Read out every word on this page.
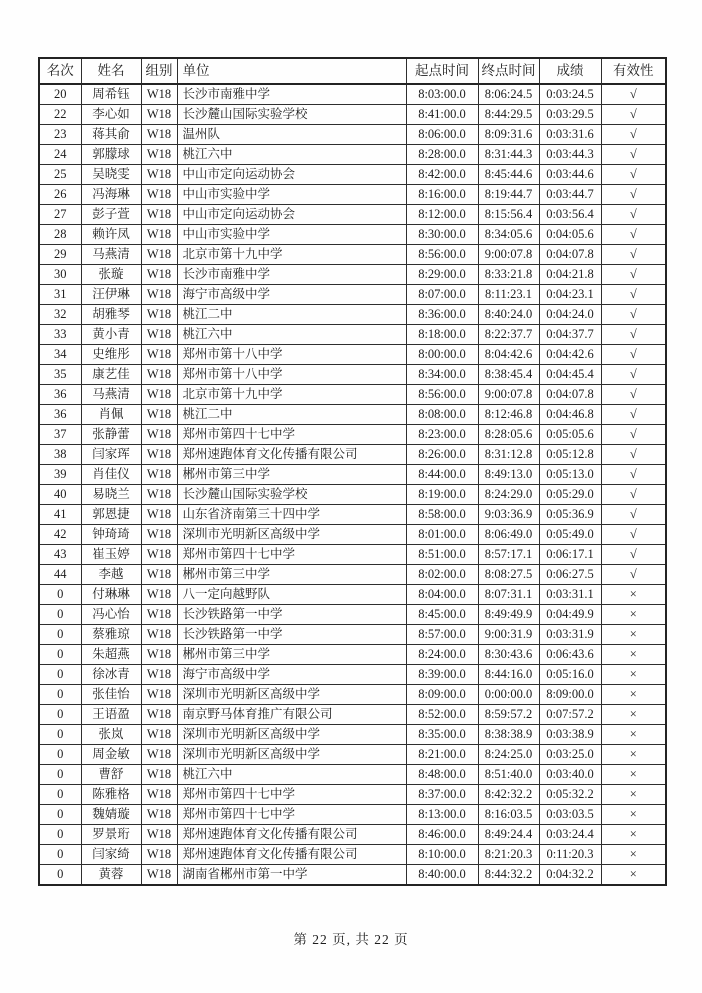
名次	姓名	组别	单位	起点时间	终点时间	成绩	有效性
20	周希钰	W18	长沙市南雅中学	8:03:00.0	8:06:24.5	0:03:24.5	√
22	李心如	W18	长沙麓山国际实验学校	8:41:00.0	8:44:29.5	0:03:29.5	√
23	蒋其俞	W18	温州队	8:06:00.0	8:09:31.6	0:03:31.6	√
24	郭朦球	W18	桃江六中	8:28:00.0	8:31:44.3	0:03:44.3	√
25	吴晓雯	W18	中山市定向运动协会	8:42:00.0	8:45:44.6	0:03:44.6	√
26	冯海琳	W18	中山市实验中学	8:16:00.0	8:19:44.7	0:03:44.7	√
27	彭子萱	W18	中山市定向运动协会	8:12:00.0	8:15:56.4	0:03:56.4	√
28	赖许凤	W18	中山市实验中学	8:30:00.0	8:34:05.6	0:04:05.6	√
29	马燕清	W18	北京市第十九中学	8:56:00.0	9:00:07.8	0:04:07.8	√
30	张璇	W18	长沙市南雅中学	8:29:00.0	8:33:21.8	0:04:21.8	√
31	汪伊琳	W18	海宁市高级中学	8:07:00.0	8:11:23.1	0:04:23.1	√
32	胡雅琴	W18	桃江二中	8:36:00.0	8:40:24.0	0:04:24.0	√
33	黄小青	W18	桃江六中	8:18:00.0	8:22:37.7	0:04:37.7	√
34	史维彤	W18	郑州市第十八中学	8:00:00.0	8:04:42.6	0:04:42.6	√
35	康艺佳	W18	郑州市第十八中学	8:34:00.0	8:38:45.4	0:04:45.4	√
36	马燕清	W18	北京市第十九中学	8:56:00.0	9:00:07.8	0:04:07.8	√
36	肖佩	W18	桃江二中	8:08:00.0	8:12:46.8	0:04:46.8	√
37	张静蕾	W18	郑州市第四十七中学	8:23:00.0	8:28:05.6	0:05:05.6	√
38	闫家珲	W18	郑州速跑体育文化传播有限公司	8:26:00.0	8:31:12.8	0:05:12.8	√
39	肖佳仪	W18	郴州市第三中学	8:44:00.0	8:49:13.0	0:05:13.0	√
40	易晓兰	W18	长沙麓山国际实验学校	8:19:00.0	8:24:29.0	0:05:29.0	√
41	郭恩捷	W18	山东省济南第三十四中学	8:58:00.0	9:03:36.9	0:05:36.9	√
42	钟琦琦	W18	深圳市光明新区高级中学	8:01:00.0	8:06:49.0	0:05:49.0	√
43	崔玉婷	W18	郑州市第四十七中学	8:51:00.0	8:57:17.1	0:06:17.1	√
44	李越	W18	郴州市第三中学	8:02:00.0	8:08:27.5	0:06:27.5	√
0	付琳琳	W18	八一定向越野队	8:04:00.0	8:07:31.1	0:03:31.1	×
0	冯心怡	W18	长沙铁路第一中学	8:45:00.0	8:49:49.9	0:04:49.9	×
0	蔡雅琼	W18	长沙铁路第一中学	8:57:00.0	9:00:31.9	0:03:31.9	×
0	朱超燕	W18	郴州市第三中学	8:24:00.0	8:30:43.6	0:06:43.6	×
0	徐冰青	W18	海宁市高级中学	8:39:00.0	8:44:16.0	0:05:16.0	×
0	张佳怡	W18	深圳市光明新区高级中学	8:09:00.0	0:00:00.0	8:09:00.0	×
0	王语盈	W18	南京野马体育推广有限公司	8:52:00.0	8:59:57.2	0:07:57.2	×
0	张岚	W18	深圳市光明新区高级中学	8:35:00.0	8:38:38.9	0:03:38.9	×
0	周金敏	W18	深圳市光明新区高级中学	8:21:00.0	8:24:25.0	0:03:25.0	×
0	曹舒	W18	桃江六中	8:48:00.0	8:51:40.0	0:03:40.0	×
0	陈雅格	W18	郑州市第四十七中学	8:37:00.0	8:42:32.2	0:05:32.2	×
0	魏婧璇	W18	郑州市第四十七中学	8:13:00.0	8:16:03.5	0:03:03.5	×
0	罗景珩	W18	郑州速跑体育文化传播有限公司	8:46:00.0	8:49:24.4	0:03:24.4	×
0	闫家绮	W18	郑州速跑体育文化传播有限公司	8:10:00.0	8:21:20.3	0:11:20.3	×
0	黄蓉	W18	湖南省郴州市第一中学	8:40:00.0	8:44:32.2	0:04:32.2	×
第 22 页, 共 22 页
